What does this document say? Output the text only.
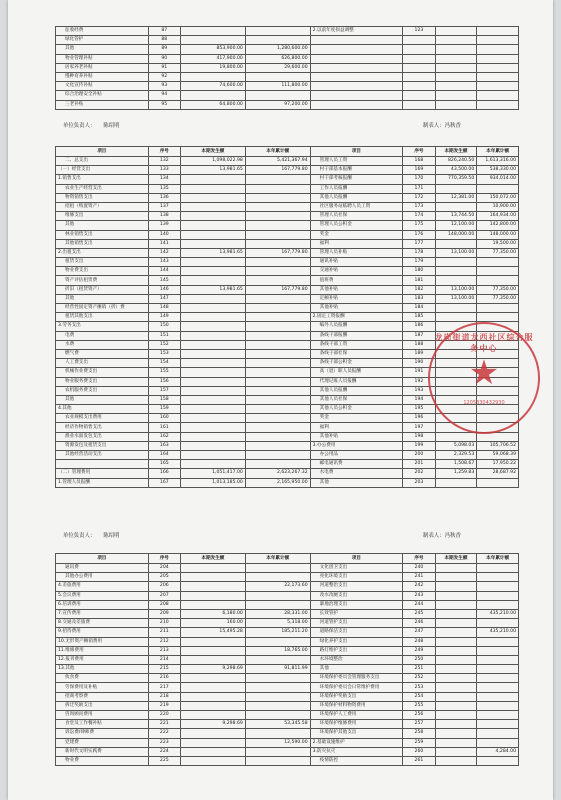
征收经费	87			2.以前年度损益调整	123		
绿化管护	88						
其他	89	853,900.00	1,280,600.00				
物业管理补贴	90	417,900.00	626,800.00				
居家养老补贴	91	19,800.00	29,600.00				
慢种育养补贴	92						
文化宣传补贴	93	74,600.00	111,800.00				
综合治理安全补贴	94						
三老补贴	95	64,800.00	97,200.00				
单位负责人： 陈绍明	制表人：冯秋香
项目	序号	本期发生额	本年累计额	项目	序号	本期发生额	本年累计额
二、总支出	132	1,098,022.98	5,421,367.94	管理人员工资	168	826,240.50	1,613,316.00
（一）经营支出	133	13,981.65	167,779.80	村干部基本报酬	169	43,500.00	538,330.00
1.销售支出	134			村干部考核报酬	170	770,359.50	934,014.00
农业生产经营支出	135			工作人员报酬	171		
物资销售支出	136			其他人员报酬	172	12,381.00	150,072.00
招租（购置资产）	137			社区服务站临聘人员工资	173		10,900.00
维修支出	138			管理人员社保	174	13,744.50	164,934.00
其他	139			管理人员公积金	175	12,100.00	142,800.00
林业销售支出	140			奖金	176	148,000.00	148,000.00
其他销售支出	141			福利	177		19,500.00
2.出租支出	142	13,981.65	167,779.80	管理人员补贴	178	13,100.00	77,350.00
租赁支出	143			通讯补贴	179		
物业费支出	144			交通补贴	180		
资产评估租赁费	145			值班费	181		
折旧（租赁资产）	146	13,981.65	167,779.80	其他补贴	182	13,100.00	77,350.00
其他	147			定额补贴	183	13,100.00	77,350.00
经营性固定资产摊销（折）费	148			其他补贴	184		
租赁其他支出	149			2.固定工资报酬	185		
3.劳务支出	150			编外人员报酬	186		
电费	151			条线干部报酬	187		
水费	152			条线干部工资	188		
燃气费	153			条线干部社保	189		
人工费支出	154			条线干部公积金	190		
机械作业费支出	155			高（退）职人员报酬	191		
物业服务费支出	156			代理记账人员报酬	192		
农机服务费支出	157			其他人员报酬	193		
其他	158			其他人员社保	194		
4.其他	159			其他人员公积金	195		
农业规模支出费用	160			奖金	196		
经济作物销售支出	161			福利	197		
渔业水面发包支出	162			其他补贴	198		
资源发包及租赁支出	163			3.办公费用	199	5,098.03	105,706.52
其他经营活动支出	164			办公用品	200	2,329.53	59,068.39
	165			邮电通讯费	201	1,508.67	17,950.22
（二）管理费用	166	1,051,417.00	2,623,267.32	水电费	202	1,259.83	28,687.92
1.管理人员报酬	167	1,013,185.00	2,165,950.00	其他	203		
单位负责人： 陈绍明	制表人：冯秋香
项目	序号	本期发生额	本年累计额	项目	序号	本期发生额	本年累计额
通讯费	204			文化创卫支出	240		
其他办公费用	205			亮化环境支出	241		
4.差旅费用	206		22,173.60	河道整治支出	242		
5.会议费用	207			改水改厕支出	243		
6.培训费用	208			暴地治理支出	244		
7.宣传费用	209	6,180.00	28,331.00	长效管护	245		435,210.00
8.交通及差旅费	210	160.00	5,318.00	河道管护支出	246		
9.招待费用	211	15,495.28	185,211.20	道路保洁支出	247		435,210.00
10.无形资产摊销费用	212			绿化养护支出	248		
11.维修费用	213		18,765.00	路灯维护支出	249		
12.报刊费用	214			水环境整治	250		
13.其他	215	9,298.69	91,811.99	其他	251		
伙食费	216			环境保护委员会管理服务支出	252		
劳保费用及补贴	217			环境保护委员会日常维护费用	253		
招商考察费	218			环境保护奖励支出	254		
拆迁奖励支出	219			环境保护材料物资费用	255		
咨询顾问费用	220			环境保护人工费用	256		
食堂及工作餐补贴	221	9,298.69	53,345.58	环境保护维修费用	257		
诉讼费/律师费	222			环境保护其他支出	258		
党建费	223		12,590.00	2.基础设施维护	259		
新时代文明实践费	224			3.防灾抗灾	260		4,284.00
物业费	225			疫情防控	261		
龙岗街道龙西社区综合服务中心
★
1205830432930
